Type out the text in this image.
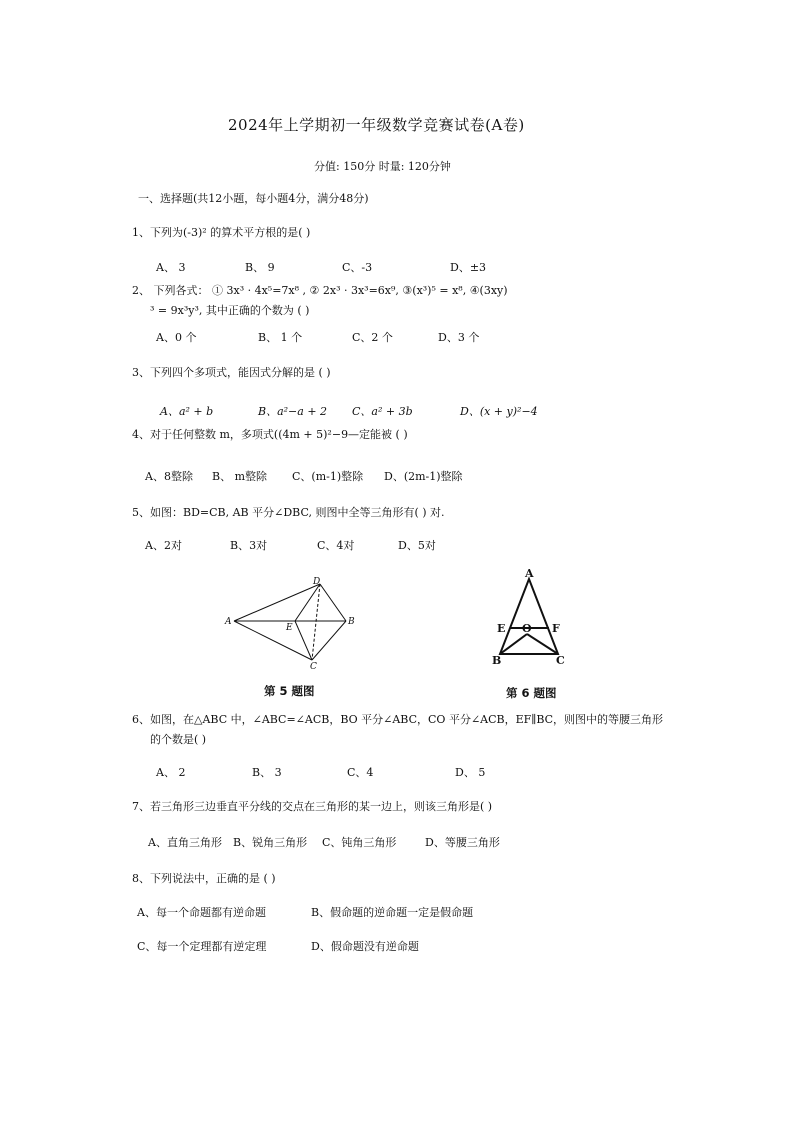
2024年上学期初一年级数学竞赛试卷(A卷)
分值: 150分 时量: 120分钟
一、选择题(共12小题，每小题4分，满分48分)
1、下列为(-3)² 的算术平方根的是( )
A、 3	B、 9	C、-3	D、±3
2、 下列各式： ① 3x³ · 4x⁵=7x⁸ , ② 2x³ · 3x³=6x⁹, ③(x³)⁵ = x⁸, ④(3xy)
³ = 9x³y³, 其中正确的个数为 ( )
A、0 个	B、 1 个	C、2 个	D、3 个
3、下列四个多项式，能因式分解的是 ( )
A、a² + b	B、a²−a + 2 C、a² + 3b	D、(x + y)²−4
4、对于任何整数 m，多项式((4m + 5)²−9—定能被 ( )
A、8整除 B、 m整除 C、(m-1)整除 D、(2m-1)整除
5、如图：BD=CB, AB 平分∠DBC, 则图中全等三角形有( ) 对.
A、2对	B、3对	C、4对	D、5对
A	B
C
D
E
第 5 题图
A
B	C
E	F
O
第 6 题图
6、如图，在△ABC 中，∠ABC=∠ACB，BO 平分∠ABC，CO 平分∠ACB，EF∥BC，则图中的等腰三角形
的个数是( )
A、 2	B、 3	C、4	D、 5
7、若三角形三边垂直平分线的交点在三角形的某一边上，则该三角形是( )
A、直角三角形 B、锐角三角形 C、钝角三角形	D、等腰三角形
8、下列说法中，正确的是 ( )
A、每一个命题都有逆命题	B、假命题的逆命题一定是假命题
C、每一个定理都有逆定理	D、假命题没有逆命题
